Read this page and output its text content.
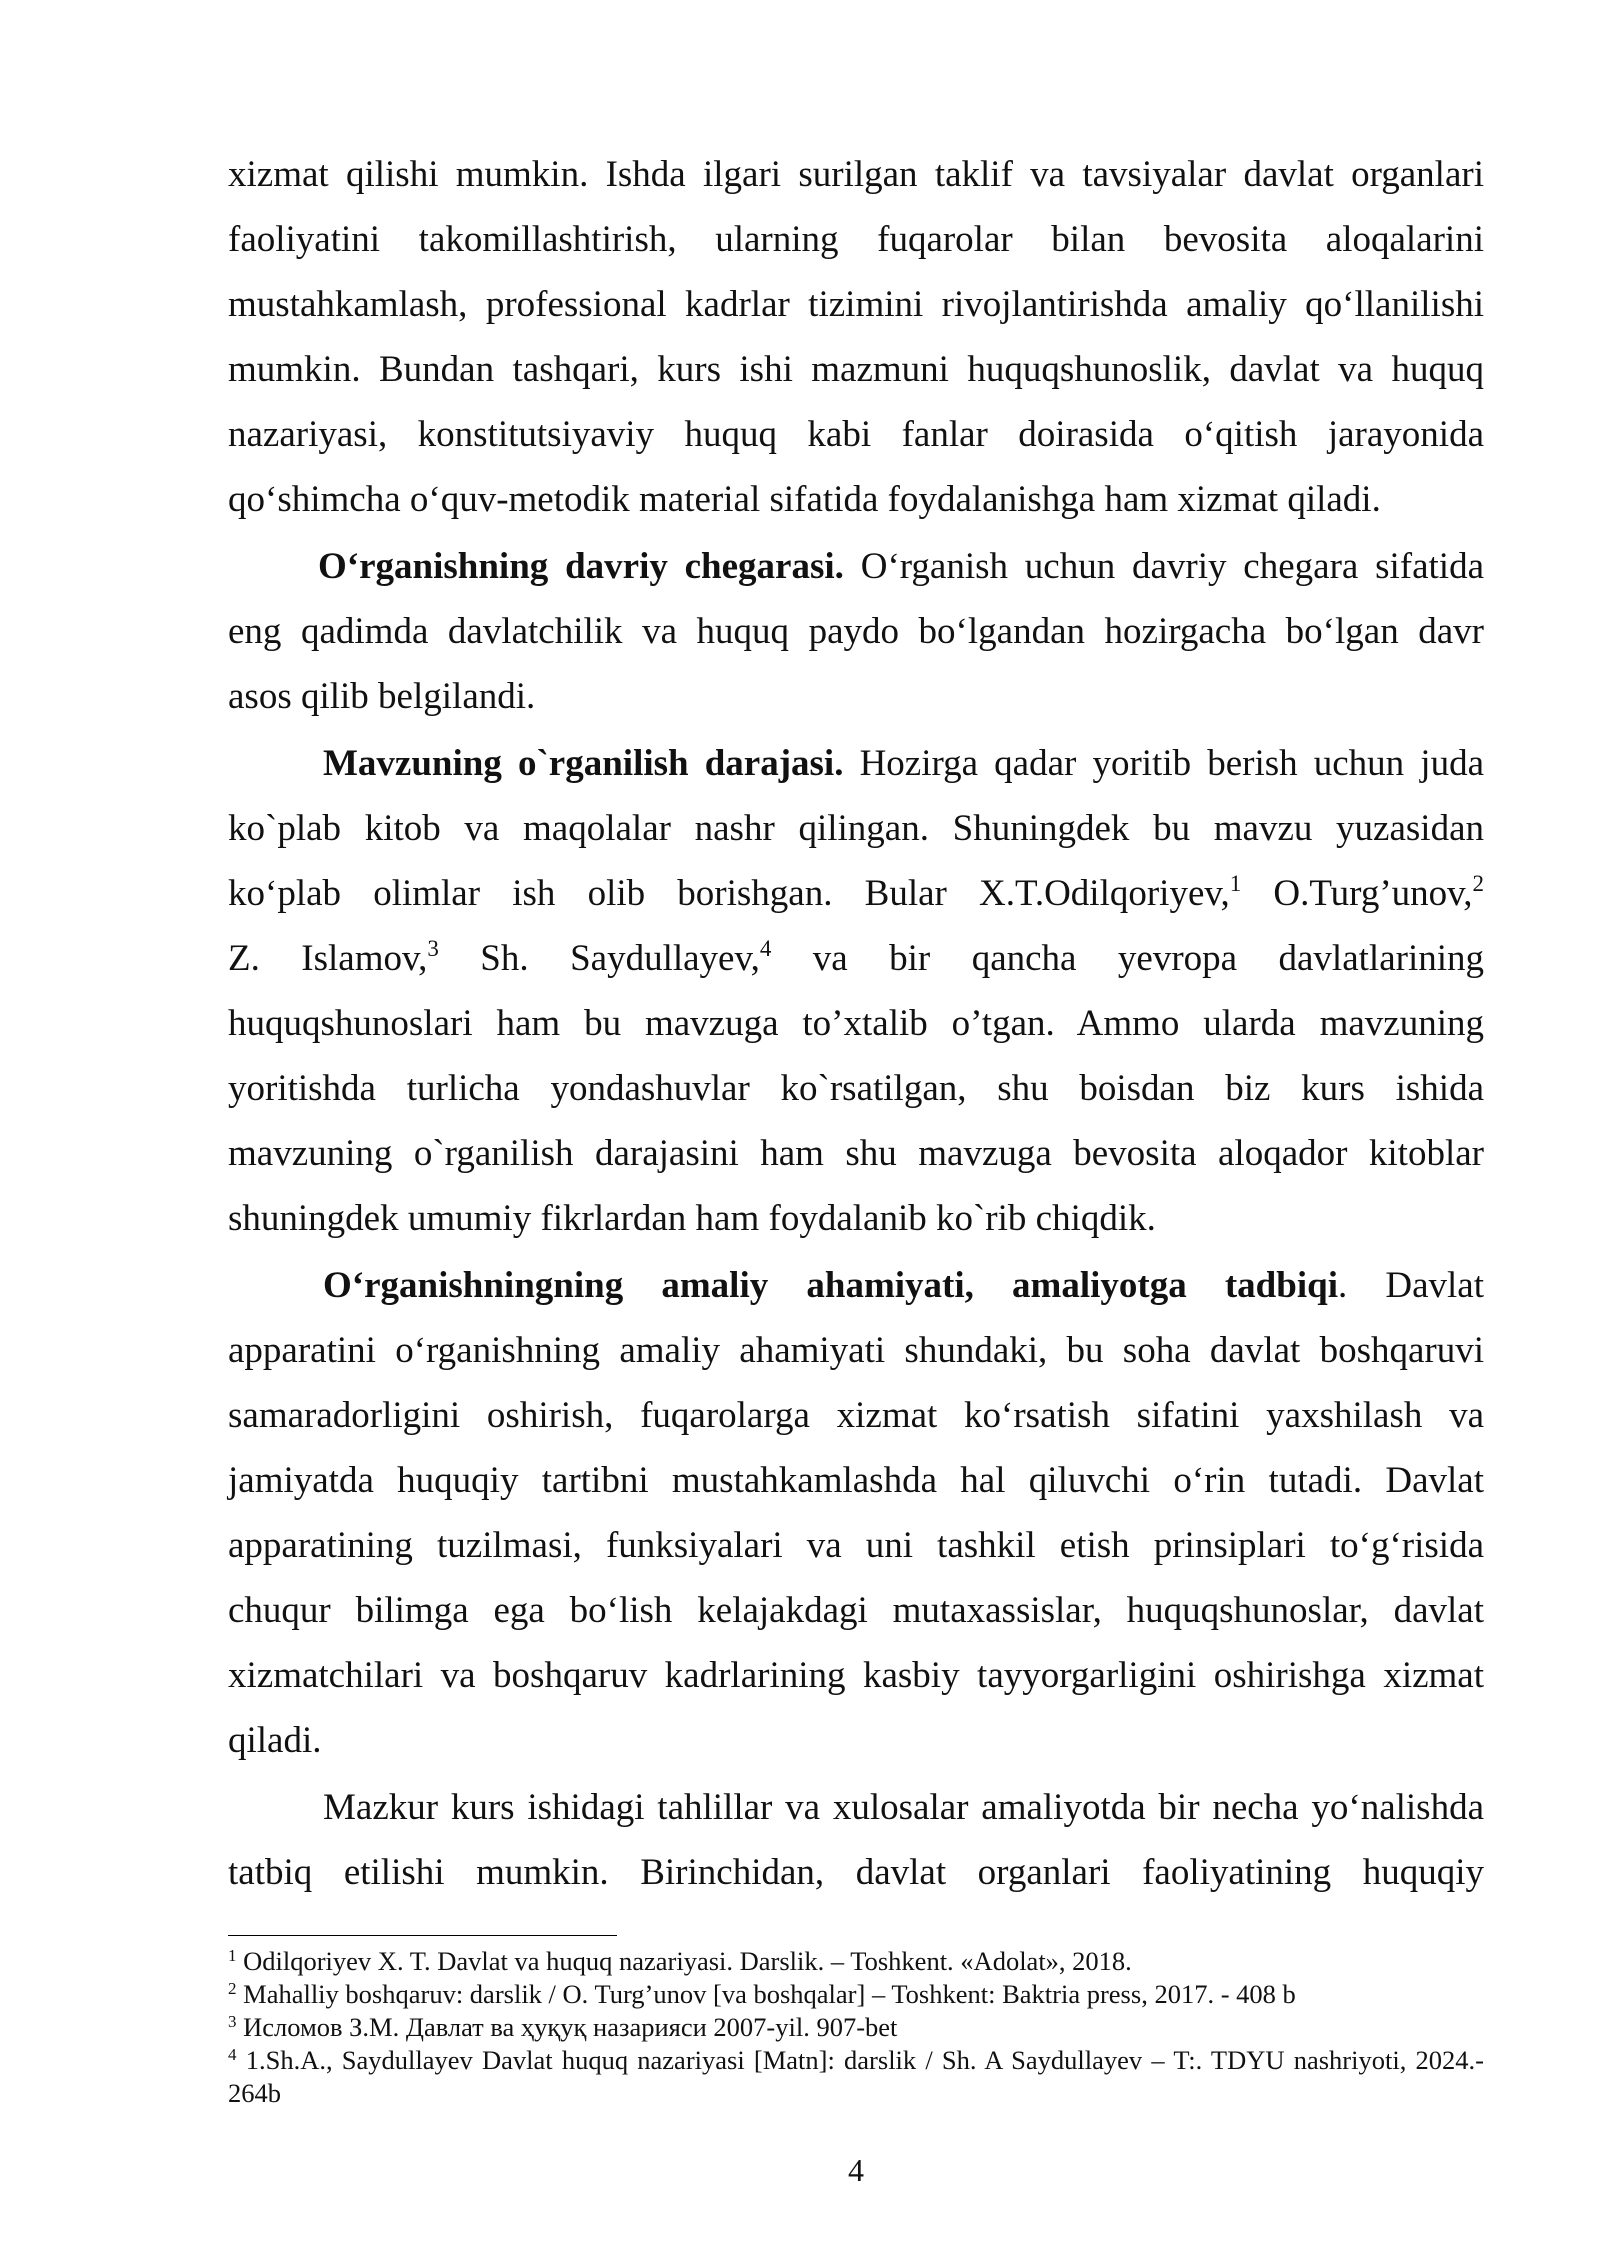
xizmat qilishi mumkin. Ishda ilgari surilgan taklif va tavsiyalar davlat organlari
faoliyatini takomillashtirish, ularning fuqarolar bilan bevosita aloqalarini
mustahkamlash, professional kadrlar tizimini rivojlantirishda amaliy qo‘llanilishi
mumkin. Bundan tashqari, kurs ishi mazmuni huquqshunoslik, davlat va huquq
nazariyasi, konstitutsiyaviy huquq kabi fanlar doirasida o‘qitish jarayonida
qo‘shimcha o‘quv-metodik material sifatida foydalanishga ham xizmat qiladi.
O‘rganishning davriy chegarasi. O‘rganish uchun davriy chegara sifatida
eng qadimda davlatchilik va huquq paydo bo‘lgandan hozirgacha bo‘lgan davr
asos qilib belgilandi.
Mavzuning o`rganilish darajasi. Hozirga qadar yoritib berish uchun juda
ko`plab kitob va maqolalar nashr qilingan. Shuningdek bu mavzu yuzasidan
ko‘plab olimlar ish olib borishgan. Bular X.T.Odilqoriyev,$^1$ O.Turg’unov,$^2$
Z. Islamov,$^3$ Sh. Saydullayev,$^4$ va bir qancha yevropa davlatlarining
huquqshunoslari ham bu mavzuga to’xtalib o’tgan. Ammo ularda mavzuning
yoritishda turlicha yondashuvlar ko`rsatilgan, shu boisdan biz kurs ishida
mavzuning o`rganilish darajasini ham shu mavzuga bevosita aloqador kitoblar
shuningdek umumiy fikrlardan ham foydalanib ko`rib chiqdik.
O‘rganishningning amaliy ahamiyati, amaliyotga tadbiqi. Davlat
apparatini o‘rganishning amaliy ahamiyati shundaki, bu soha davlat boshqaruvi
samaradorligini oshirish, fuqarolarga xizmat ko‘rsatish sifatini yaxshilash va
jamiyatda huquqiy tartibni mustahkamlashda hal qiluvchi o‘rin tutadi. Davlat
apparatining tuzilmasi, funksiyalari va uni tashkil etish prinsiplari to‘g‘risida
chuqur bilimga ega bo‘lish kelajakdagi mutaxassislar, huquqshunoslar, davlat
xizmatchilari va boshqaruv kadrlarining kasbiy tayyorgarligini oshirishga xizmat
qiladi.
Mazkur kurs ishidagi tahlillar va xulosalar amaliyotda bir necha yo‘nalishda
tatbiq etilishi mumkin. Birinchidan, davlat organlari faoliyatining huquqiy
$^1$ Odilqoriyev X. T. Davlat va huquq nazariyasi. Darslik. – Toshkent. «Adolat», 2018.
$^2$ Mahalliy boshqaruv: darslik / O. Turg’unov [va boshqalar] – Toshkent: Baktria press, 2017. - 408 b
$^3$ Исломов З.М. Давлат ва ҳуқуқ назарияси 2007-yil. 907-bet
$^4$ 1.Sh.A., Saydullayev Davlat huquq nazariyasi [Matn]: darslik / Sh. A Saydullayev – T:. TDYU nashriyoti, 2024.-
264b
4
